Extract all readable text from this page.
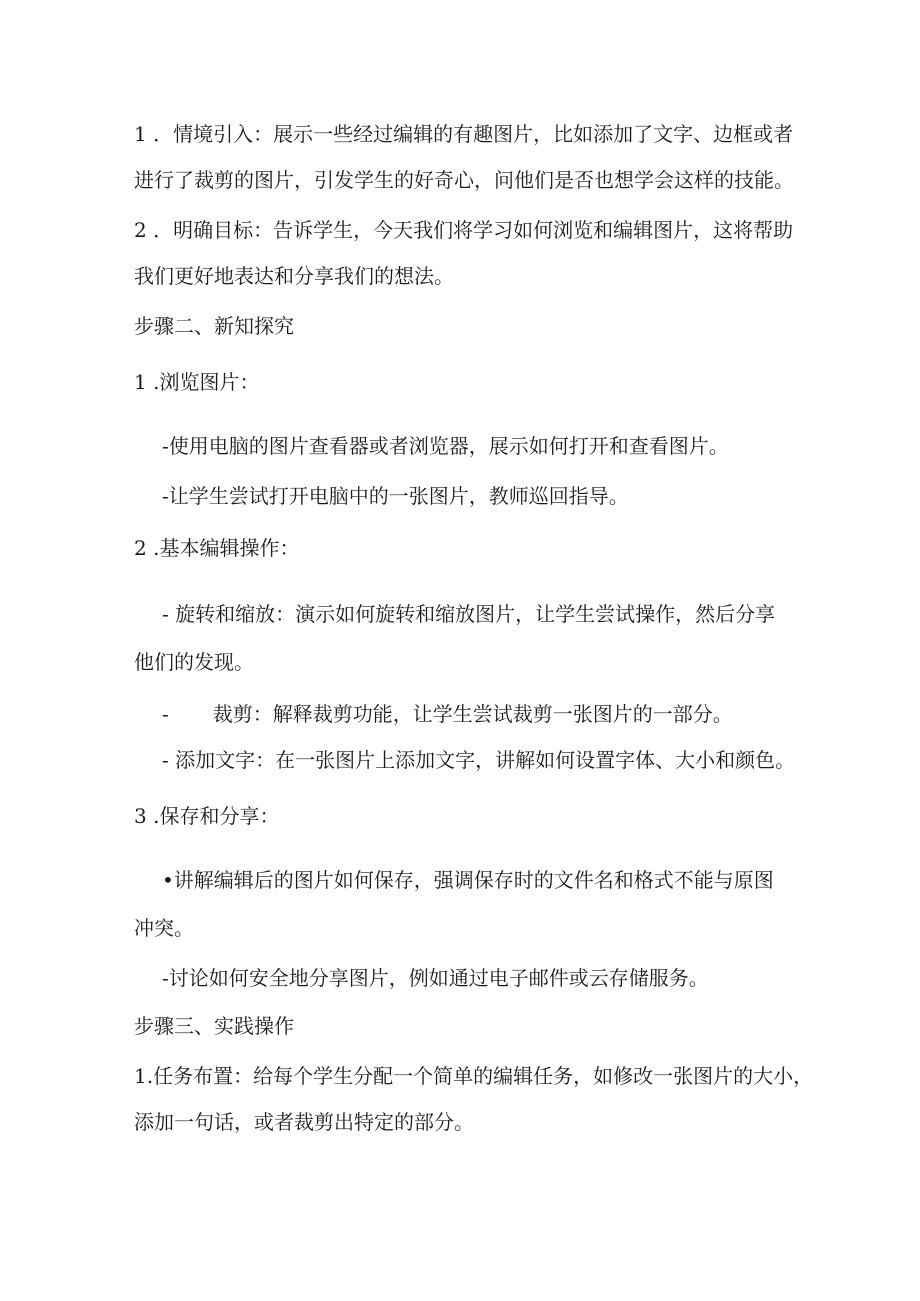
1 ．情境引入：展示一些经过编辑的有趣图片，比如添加了文字、边框或者
进行了裁剪的图片，引发学生的好奇心，问他们是否也想学会这样的技能。
2 ．明确目标：告诉学生，今天我们将学习如何浏览和编辑图片，这将帮助
我们更好地表达和分享我们的想法。
步骤二、新知探究
1 .浏览图片：
-使用电脑的图片查看器或者浏览器，展示如何打开和查看图片。
-让学生尝试打开电脑中的一张图片，教师巡回指导。
2 .基本编辑操作：
- 旋转和缩放：演示如何旋转和缩放图片，让学生尝试操作，然后分享
他们的发现。
- 裁剪：解释裁剪功能，让学生尝试裁剪一张图片的一部分。
- 添加文字：在一张图片上添加文字，讲解如何设置字体、大小和颜色。
3 .保存和分享：
•讲解编辑后的图片如何保存，强调保存时的文件名和格式不能与原图
冲突。
-讨论如何安全地分享图片，例如通过电子邮件或云存储服务。
步骤三、实践操作
1.任务布置：给每个学生分配一个简单的编辑任务，如修改一张图片的大小，
添加一句话，或者裁剪出特定的部分。
